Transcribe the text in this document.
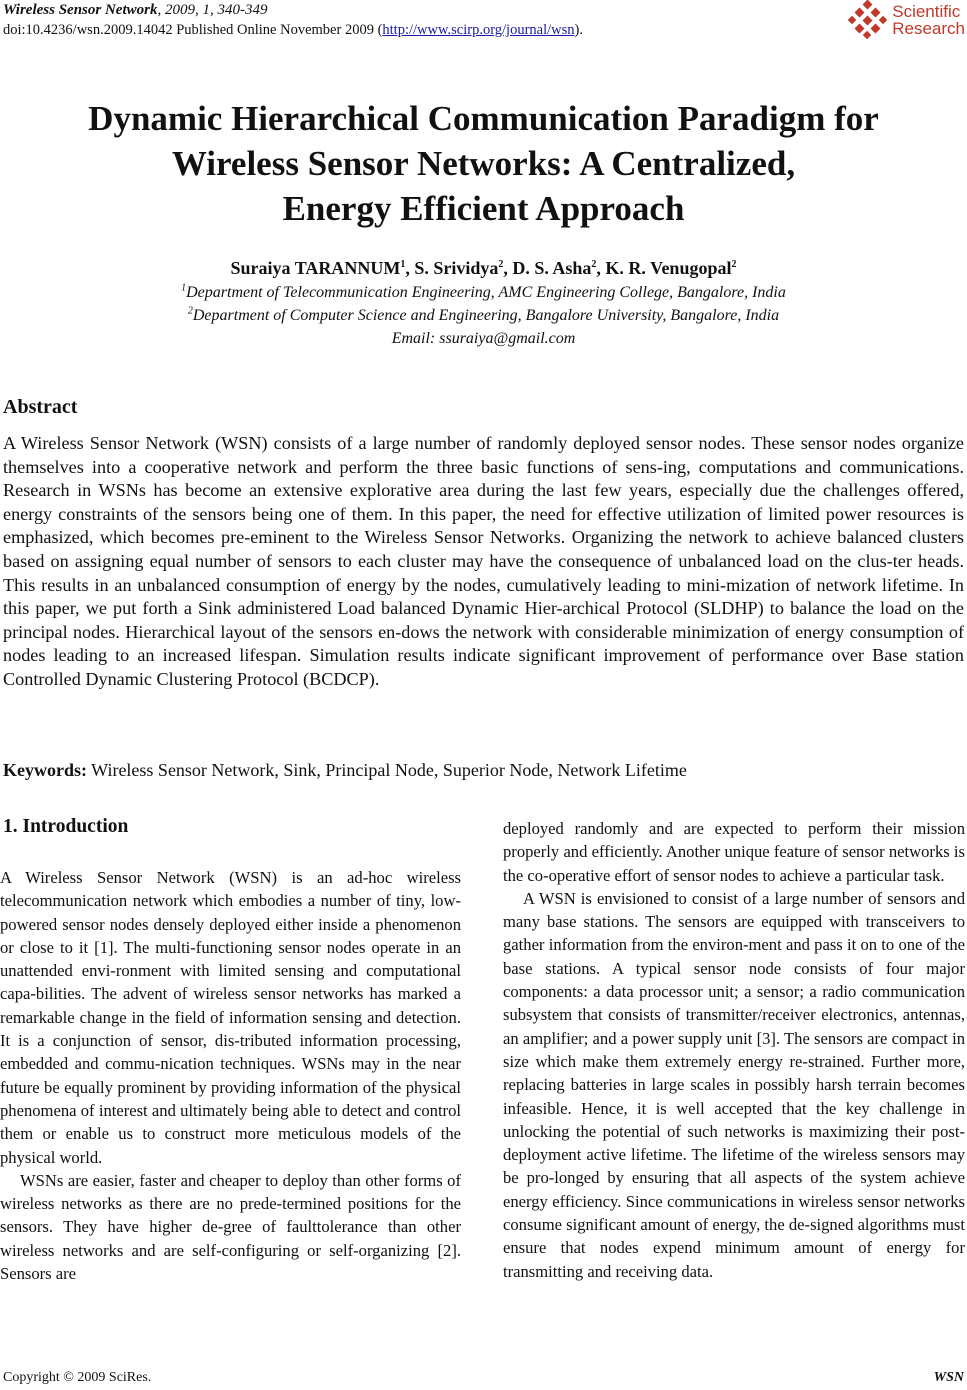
Wireless Sensor Network, 2009, 1, 340-349
doi:10.4236/wsn.2009.14042 Published Online November 2009 (http://www.scirp.org/journal/wsn).
Scientific
Research
Dynamic Hierarchical Communication Paradigm for
Wireless Sensor Networks: A Centralized,
Energy Efficient Approach
Suraiya TARANNUM$^1$, S. Srividya$^2$, D. S. Asha$^2$, K. R. Venugopal$^2$
$^1$Department of Telecommunication Engineering, AMC Engineering College, Bangalore, India
$^2$Department of Computer Science and Engineering, Bangalore University, Bangalore, India
Email: ssuraiya@gmail.com
Abstract
A Wireless Sensor Network (WSN) consists of a large number of randomly deployed sensor nodes. These sensor nodes organize themselves into a cooperative network and perform the three basic functions of sens-ing, computations and communications. Research in WSNs has become an extensive explorative area during the last few years, especially due the challenges offered, energy constraints of the sensors being one of them. In this paper, the need for effective utilization of limited power resources is emphasized, which becomes pre-eminent to the Wireless Sensor Networks. Organizing the network to achieve balanced clusters based on assigning equal number of sensors to each cluster may have the consequence of unbalanced load on the clus-ter heads. This results in an unbalanced consumption of energy by the nodes, cumulatively leading to mini-mization of network lifetime. In this paper, we put forth a Sink administered Load balanced Dynamic Hier-archical Protocol (SLDHP) to balance the load on the principal nodes. Hierarchical layout of the sensors en-dows the network with considerable minimization of energy consumption of nodes leading to an increased lifespan. Simulation results indicate significant improvement of performance over Base station Controlled Dynamic Clustering Protocol (BCDCP).
Keywords: Wireless Sensor Network, Sink, Principal Node, Superior Node, Network Lifetime
1. Introduction

A Wireless Sensor Network (WSN) is an ad-hoc wireless telecommunication network which embodies a number of tiny, low-powered sensor nodes densely deployed either inside a phenomenon or close to it [1]. The multi-functioning sensor nodes operate in an unattended envi-ronment with limited sensing and computational capa-bilities. The advent of wireless sensor networks has marked a remarkable change in the field of information sensing and detection. It is a conjunction of sensor, dis-tributed information processing, embedded and commu-nication techniques. WSNs may in the near future be equally prominent by providing information of the physical phenomena of interest and ultimately being able to detect and control them or enable us to construct more meticulous models of the physical world.

WSNs are easier, faster and cheaper to deploy than other forms of wireless networks as there are no prede-termined positions for the sensors. They have higher de-gree of faulttolerance than other wireless networks and are self-configuring or self-organizing [2]. Sensors are

deployed randomly and are expected to perform their mission properly and efficiently. Another unique feature of sensor networks is the co-operative effort of sensor nodes to achieve a particular task.

A WSN is envisioned to consist of a large number of sensors and many base stations. The sensors are equipped with transceivers to gather information from the environ-ment and pass it on to one of the base stations. A typical sensor node consists of four major components: a data processor unit; a sensor; a radio communication subsystem that consists of transmitter/receiver electronics, antennas, an amplifier; and a power supply unit [3]. The sensors are compact in size which make them extremely energy re-strained. Further more, replacing batteries in large scales in possibly harsh terrain becomes infeasible. Hence, it is well accepted that the key challenge in unlocking the potential of such networks is maximizing their post-deployment active lifetime. The lifetime of the wireless sensors may be pro-longed by ensuring that all aspects of the system achieve energy efficiency. Since communications in wireless sensor networks consume significant amount of energy, the de-signed algorithms must ensure that nodes expend minimum amount of energy for transmitting and receiving data.

Copyright © 2009 SciRes.	WSN
